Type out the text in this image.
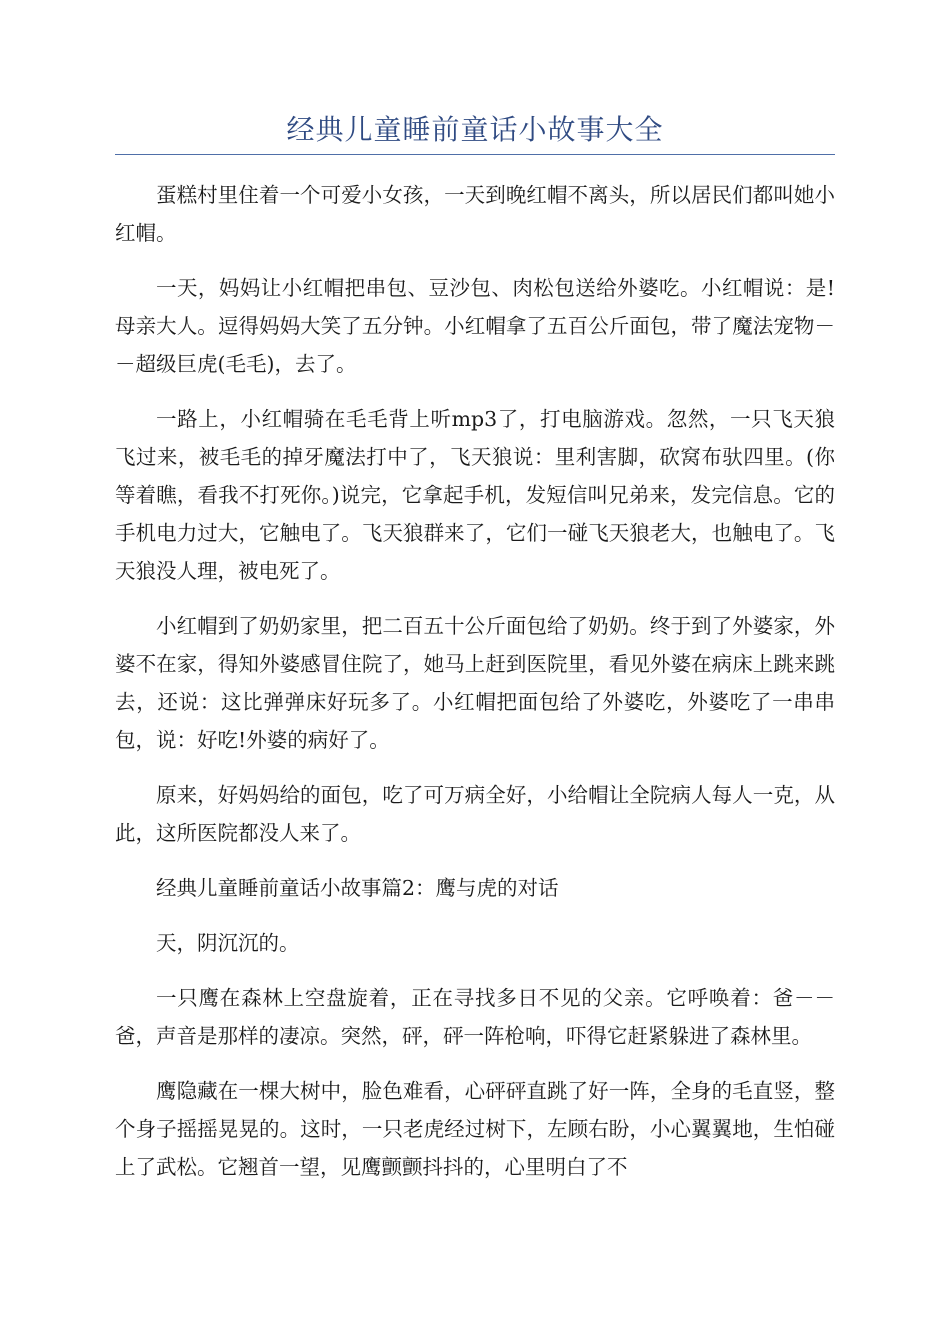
经典儿童睡前童话小故事大全

蛋糕村里住着一个可爱小女孩，一天到晚红帽不离头，所以居民们都叫她小红帽。

一天，妈妈让小红帽把串包、豆沙包、肉松包送给外婆吃。小红帽说：是!母亲大人。逗得妈妈大笑了五分钟。小红帽拿了五百公斤面包，带了魔法宠物－－超级巨虎(毛毛)，去了。

一路上，小红帽骑在毛毛背上听mp3了，打电脑游戏。忽然，一只飞天狼飞过来，被毛毛的掉牙魔法打中了，飞天狼说：里利害脚，砍窝布驮四里。(你等着瞧，看我不打死你。)说完，它拿起手机，发短信叫兄弟来，发完信息。它的手机电力过大，它触电了。飞天狼群来了，它们一碰飞天狼老大，也触电了。飞天狼没人理，被电死了。

小红帽到了奶奶家里，把二百五十公斤面包给了奶奶。终于到了外婆家，外婆不在家，得知外婆感冒住院了，她马上赶到医院里，看见外婆在病床上跳来跳去，还说：这比弹弹床好玩多了。小红帽把面包给了外婆吃，外婆吃了一串串包，说：好吃!外婆的病好了。

原来，好妈妈给的面包，吃了可万病全好，小给帽让全院病人每人一克，从此，这所医院都没人来了。

经典儿童睡前童话小故事篇2：鹰与虎的对话

天，阴沉沉的。

一只鹰在森林上空盘旋着，正在寻找多日不见的父亲。它呼唤着：爸－－爸，声音是那样的凄凉。突然，砰，砰一阵枪响，吓得它赶紧躲进了森林里。

鹰隐藏在一棵大树中，脸色难看，心砰砰直跳了好一阵，全身的毛直竖，整个身子摇摇晃晃的。这时，一只老虎经过树下，左顾右盼，小心翼翼地，生怕碰上了武松。它翘首一望，见鹰颤颤抖抖的，心里明白了不
